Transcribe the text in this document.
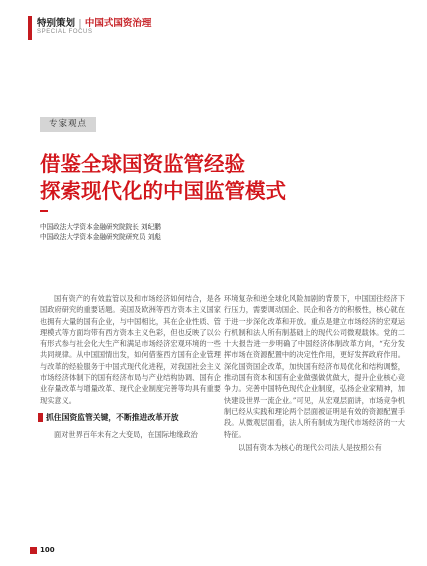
特别策划 | 中国式国资治理
SPECIAL FOCUS
专家观点
借鉴全球国资监管经验
探索现代化的中国监管模式
中国政法大学资本金融研究院院长 刘纪鹏
中国政法大学资本金融研究院研究员 刘彪

国有资产的有效监管以及和市场经济如何结合，是各国政府研究的重要话题。美国及欧洲等西方资本主义国家也拥有大量的国有企业，与中国相比，其在企业性质、管理模式等方面均带有西方资本主义色彩，但也反映了以公有形式参与社会化大生产和满足市场经济宏观环境的一些共同规律。从中国国情出发，如何借鉴西方国有企业管理与改革的经验服务于中国式现代化进程，对我国社会主义市场经济体制下的国有经济布局与产业结构协调、国有企业存量改革与增量改革、现代企业制度完善等均具有重要现实意义。

抓住国资监管关键，不断推进改革开放

面对世界百年未有之大变局，在国际地缘政治

环境复杂和逆全球化风险加剧的背景下，中国国往经济下行压力，需要调动国企、民企和各方的积极性，核心就在于进一步深化改革和开放。重点是建立市场经济的宏观运行机制和法人所有制基础上的现代公司微观载体。党的二十大报告进一步明确了中国经济体制改革方向，“充分发挥市场在资源配置中的决定性作用，更好发挥政府作用。深化国资国企改革，加快国有经济布局优化和结构调整，推动国有资本和国有企业做强做优做大，提升企业核心竞争力。完善中国特色现代企业制度，弘扬企业家精神，加快建设世界一流企业。”可见，从宏观层面讲，市场竞争机制已经从实践和理论两个层面被证明是有效的资源配置手段。从微观层面看，法人所有制成为现代市场经济的一大特征。

以国有资本为核心的现代公司法人是按照公有

100
